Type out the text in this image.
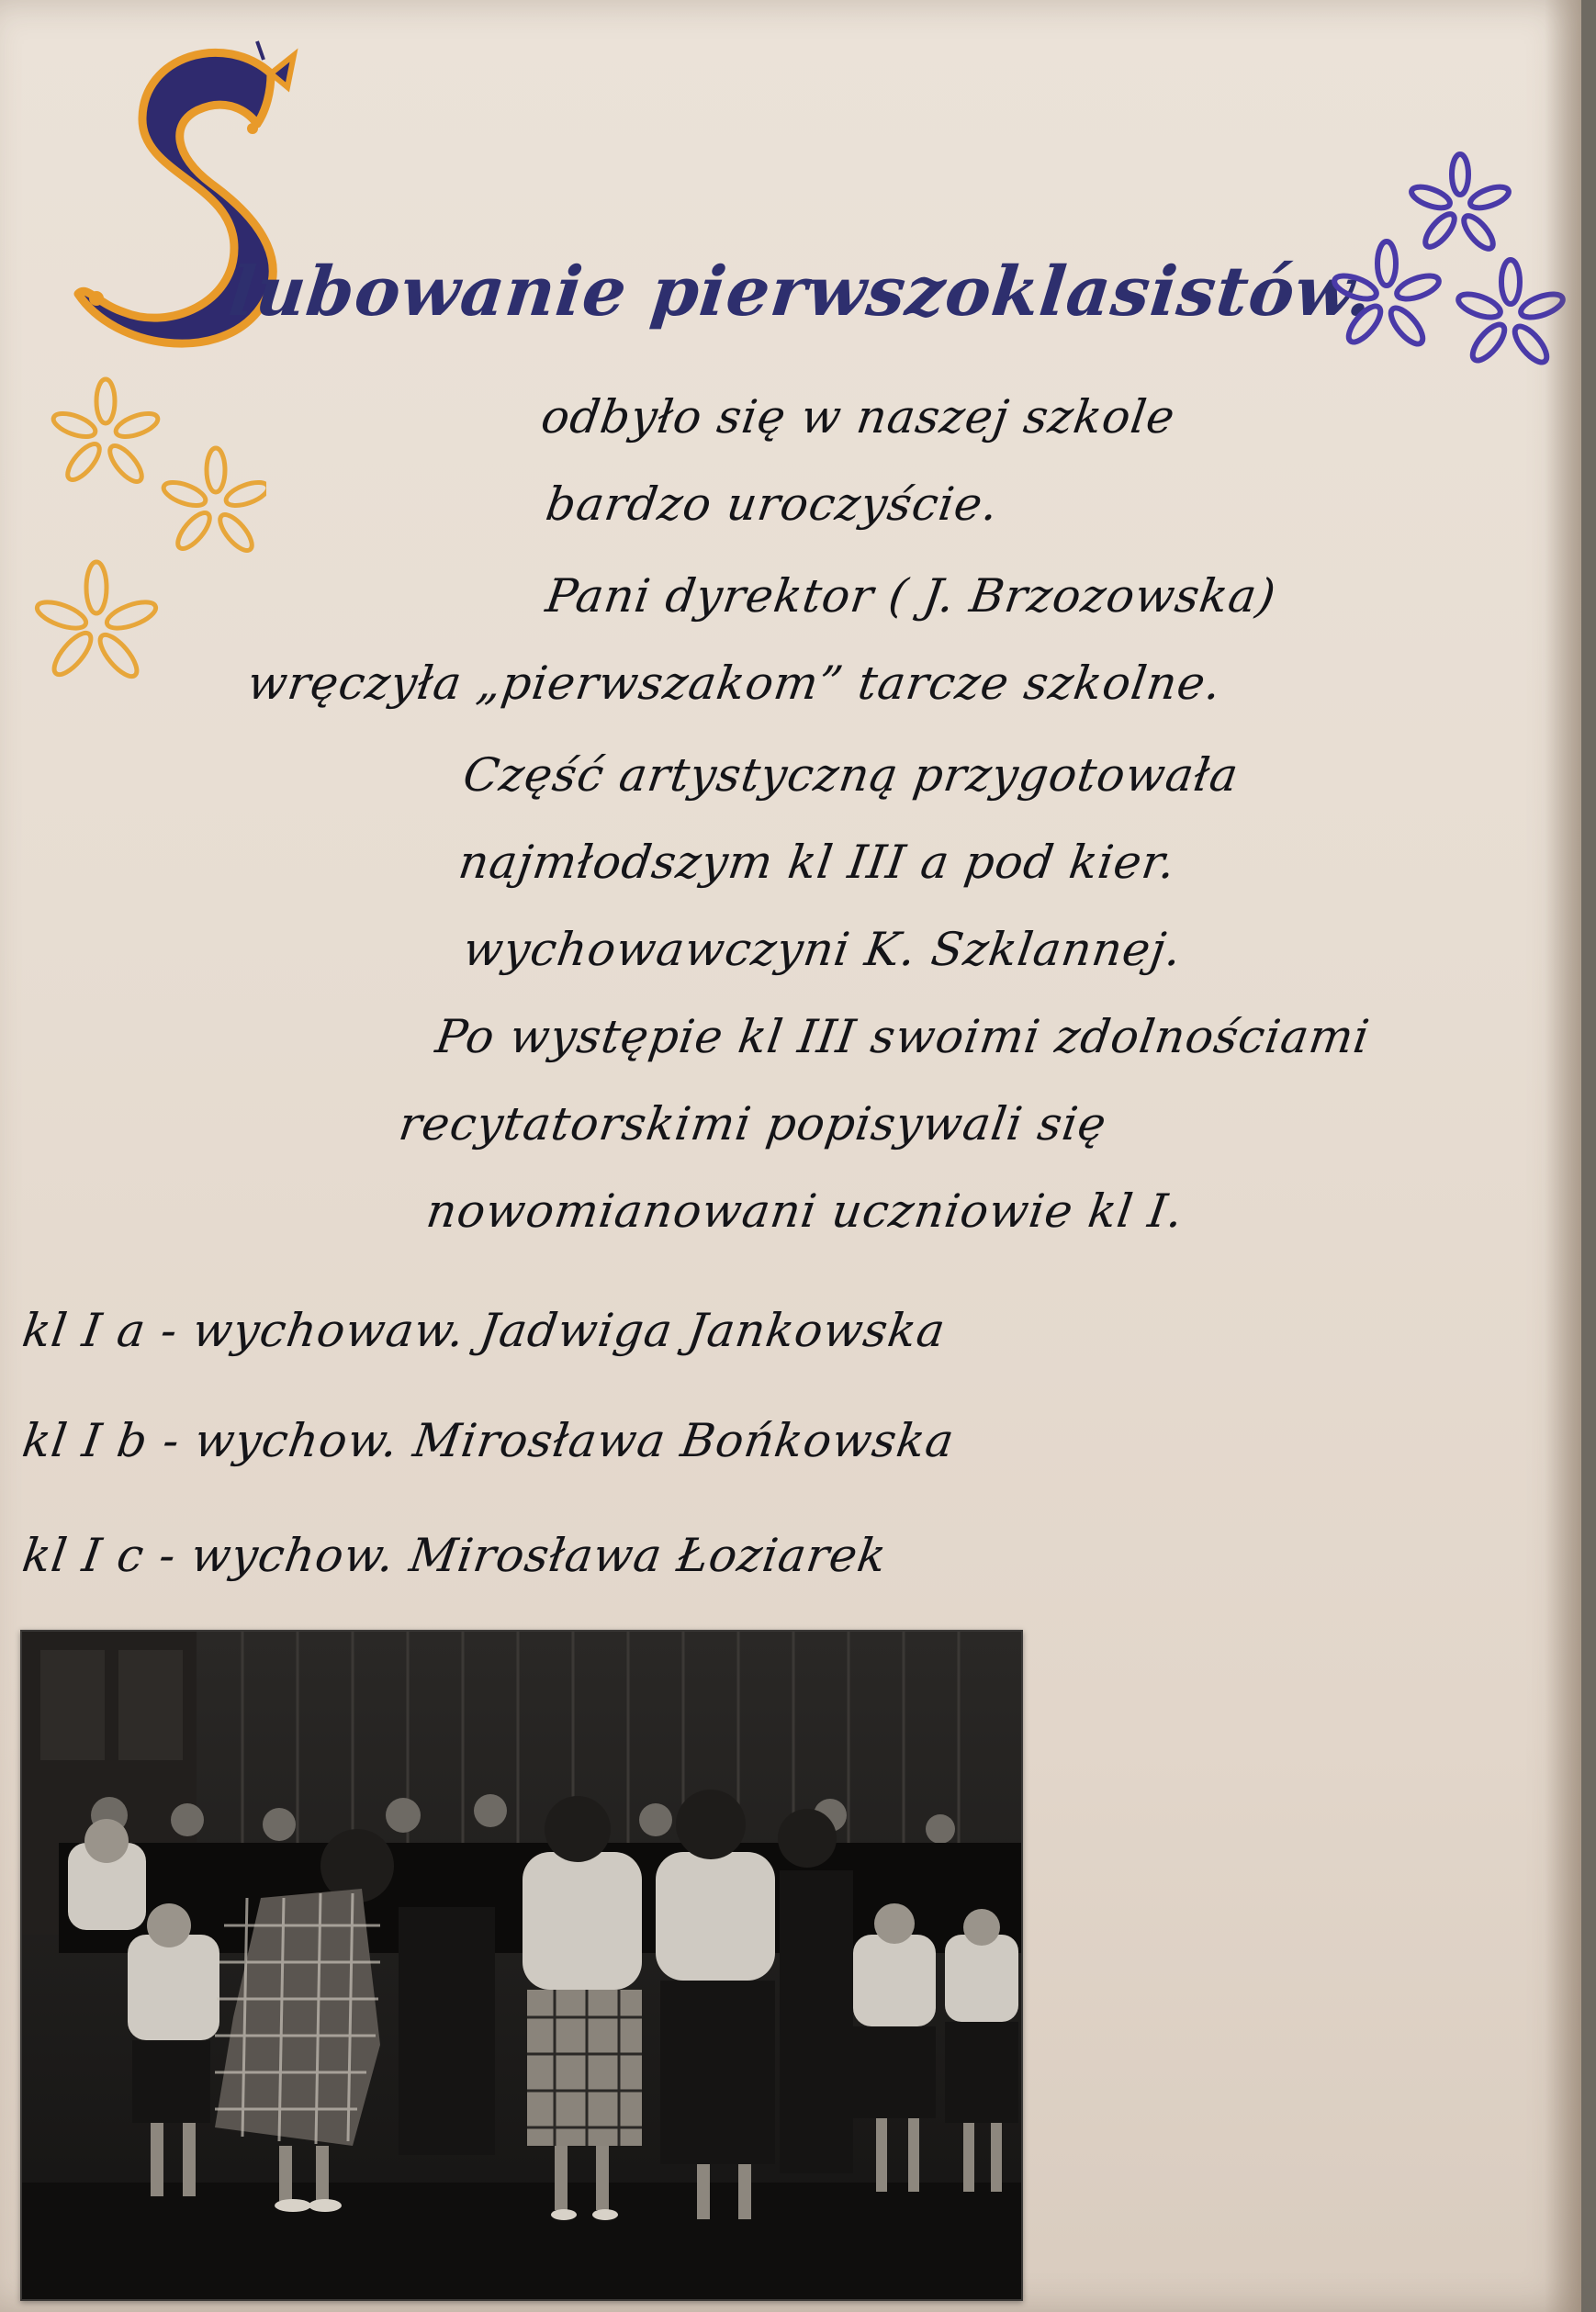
lubowanie pierwszoklasistów.

odbyło się w naszej szkole

bardzo uroczyście.

Pani dyrektor ( J. Brzozowska)

wręczyła „pierwszakom” tarcze szkolne.

Część artystyczną przygotowała

najmłodszym kl III a pod kier.

wychowawczyni K. Szklannej.

Po występie kl III swoimi zdolnościami

recytatorskimi popisywali się

nowomianowani uczniowie kl I.

kl I a - wychowaw. Jadwiga Jankowska

kl I b - wychow. Mirosława Bońkowska

kl I c - wychow. Mirosława Łoziarek
